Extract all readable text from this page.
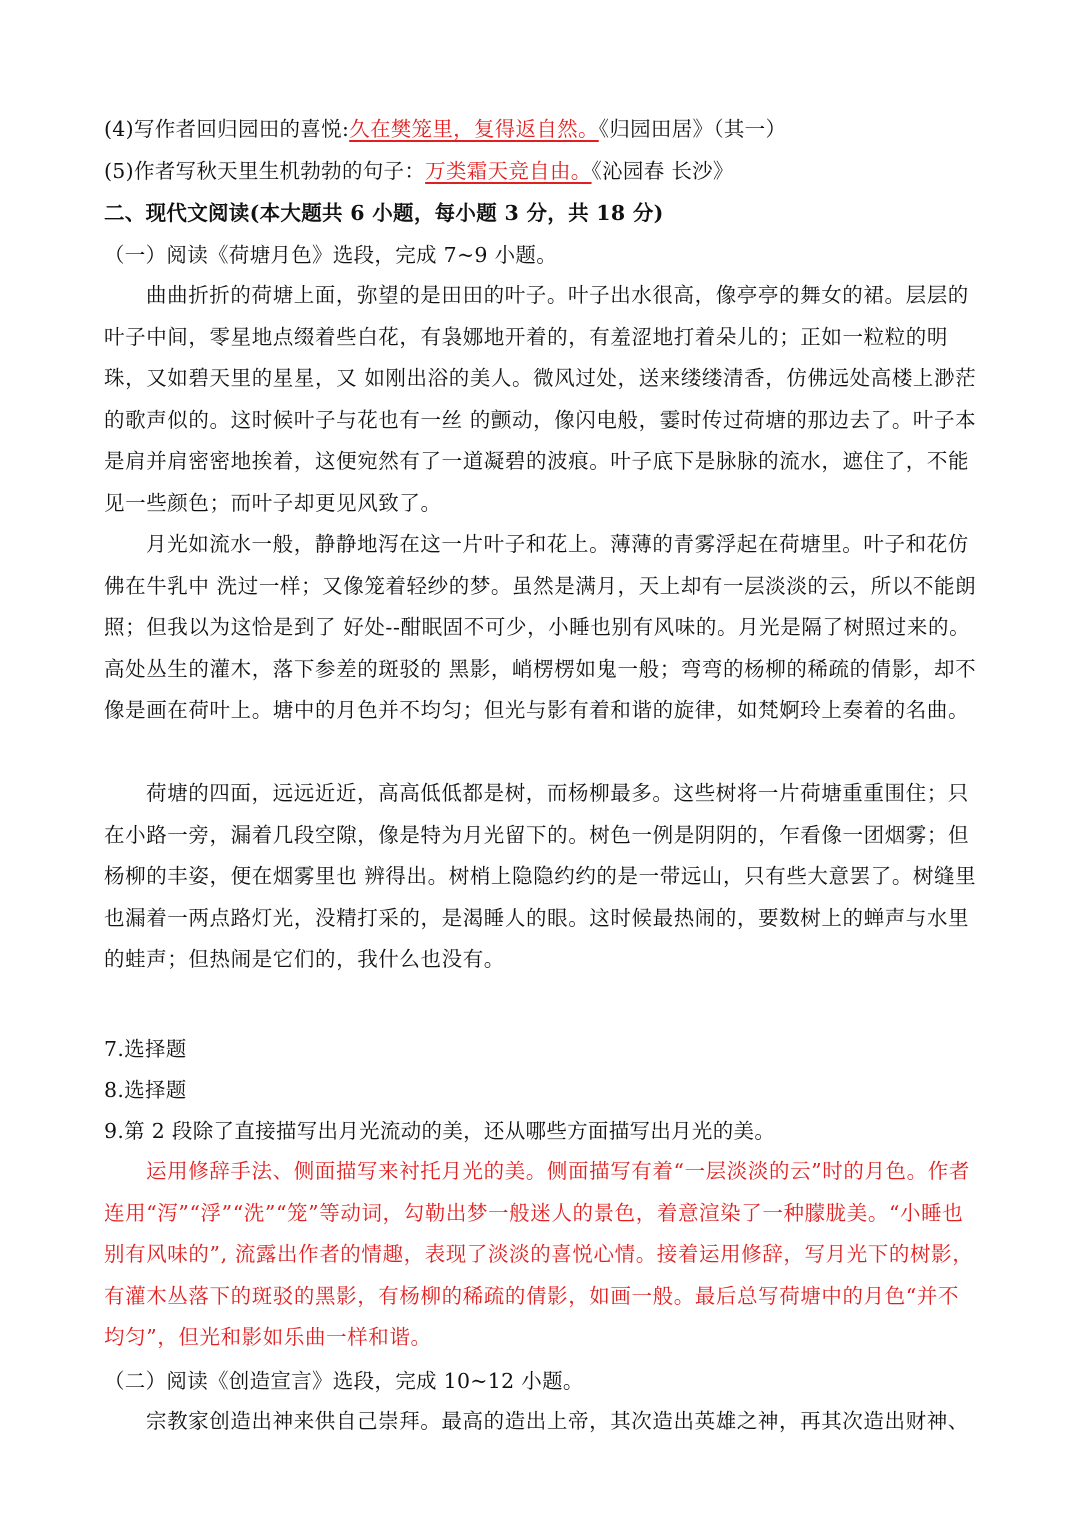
(4)写作者回归园田的喜悦:久在樊笼里，复得返自然。《归园田居》（其一）
(5)作者写秋天里生机勃勃的句子：万类霜天竞自由。《沁园春 长沙》
二、现代文阅读(本大题共 6 小题，每小题 3 分，共 18 分)
（一）阅读《荷塘月色》选段，完成 7~9 小题。
曲曲折折的荷塘上面，弥望的是田田的叶子。叶子出水很高，像亭亭的舞女的裙。层层的叶子中间，零星地点缀着些白花，有袅娜地开着的，有羞涩地打着朵儿的；正如一粒粒的明珠，又如碧天里的星星，又 如刚出浴的美人。微风过处，送来缕缕清香，仿佛远处高楼上渺茫的歌声似的。这时候叶子与花也有一丝 的颤动，像闪电般，霎时传过荷塘的那边去了。叶子本是肩并肩密密地挨着，这便宛然有了一道凝碧的波痕。叶子底下是脉脉的流水，遮住了，不能见一些颜色；而叶子却更见风致了。
月光如流水一般，静静地泻在这一片叶子和花上。薄薄的青雾浮起在荷塘里。叶子和花仿佛在牛乳中 洗过一样；又像笼着轻纱的梦。虽然是满月，天上却有一层淡淡的云，所以不能朗照；但我以为这恰是到了 好处--酣眠固不可少，小睡也别有风味的。月光是隔了树照过来的。高处丛生的灌木，落下参差的斑驳的 黑影，峭楞楞如鬼一般；弯弯的杨柳的稀疏的倩影，却不像是画在荷叶上。塘中的月色并不均匀；但光与影有着和谐的旋律，如梵婀玲上奏着的名曲。
荷塘的四面，远远近近，高高低低都是树，而杨柳最多。这些树将一片荷塘重重围住；只在小路一旁，漏着几段空隙，像是特为月光留下的。树色一例是阴阴的，乍看像一团烟雾；但杨柳的丰姿，便在烟雾里也 辨得出。树梢上隐隐约约的是一带远山，只有些大意罢了。树缝里也漏着一两点路灯光，没精打采的，是渴睡人的眼。这时候最热闹的，要数树上的蝉声与水里的蛙声；但热闹是它们的，我什么也没有。
7.选择题
8.选择题
9.第 2 段除了直接描写出月光流动的美，还从哪些方面描写出月光的美。
运用修辞手法、侧面描写来衬托月光的美。侧面描写有着“一层淡淡的云”时的月色。作者连用“泻”“浮”“洗”“笼”等动词，勾勒出梦一般迷人的景色，着意渲染了一种朦胧美。“小睡也别有风味的”, 流露出作者的情趣，表现了淡淡的喜悦心情。接着运用修辞，写月光下的树影，有灌木丛落下的斑驳的黑影，有杨柳的稀疏的倩影，如画一般。最后总写荷塘中的月色“并不均匀”，但光和影如乐曲一样和谐。
（二）阅读《创造宣言》选段，完成 10~12 小题。
宗教家创造出神来供自己崇拜。最高的造出上帝，其次造出英雄之神，再其次造出财神、
